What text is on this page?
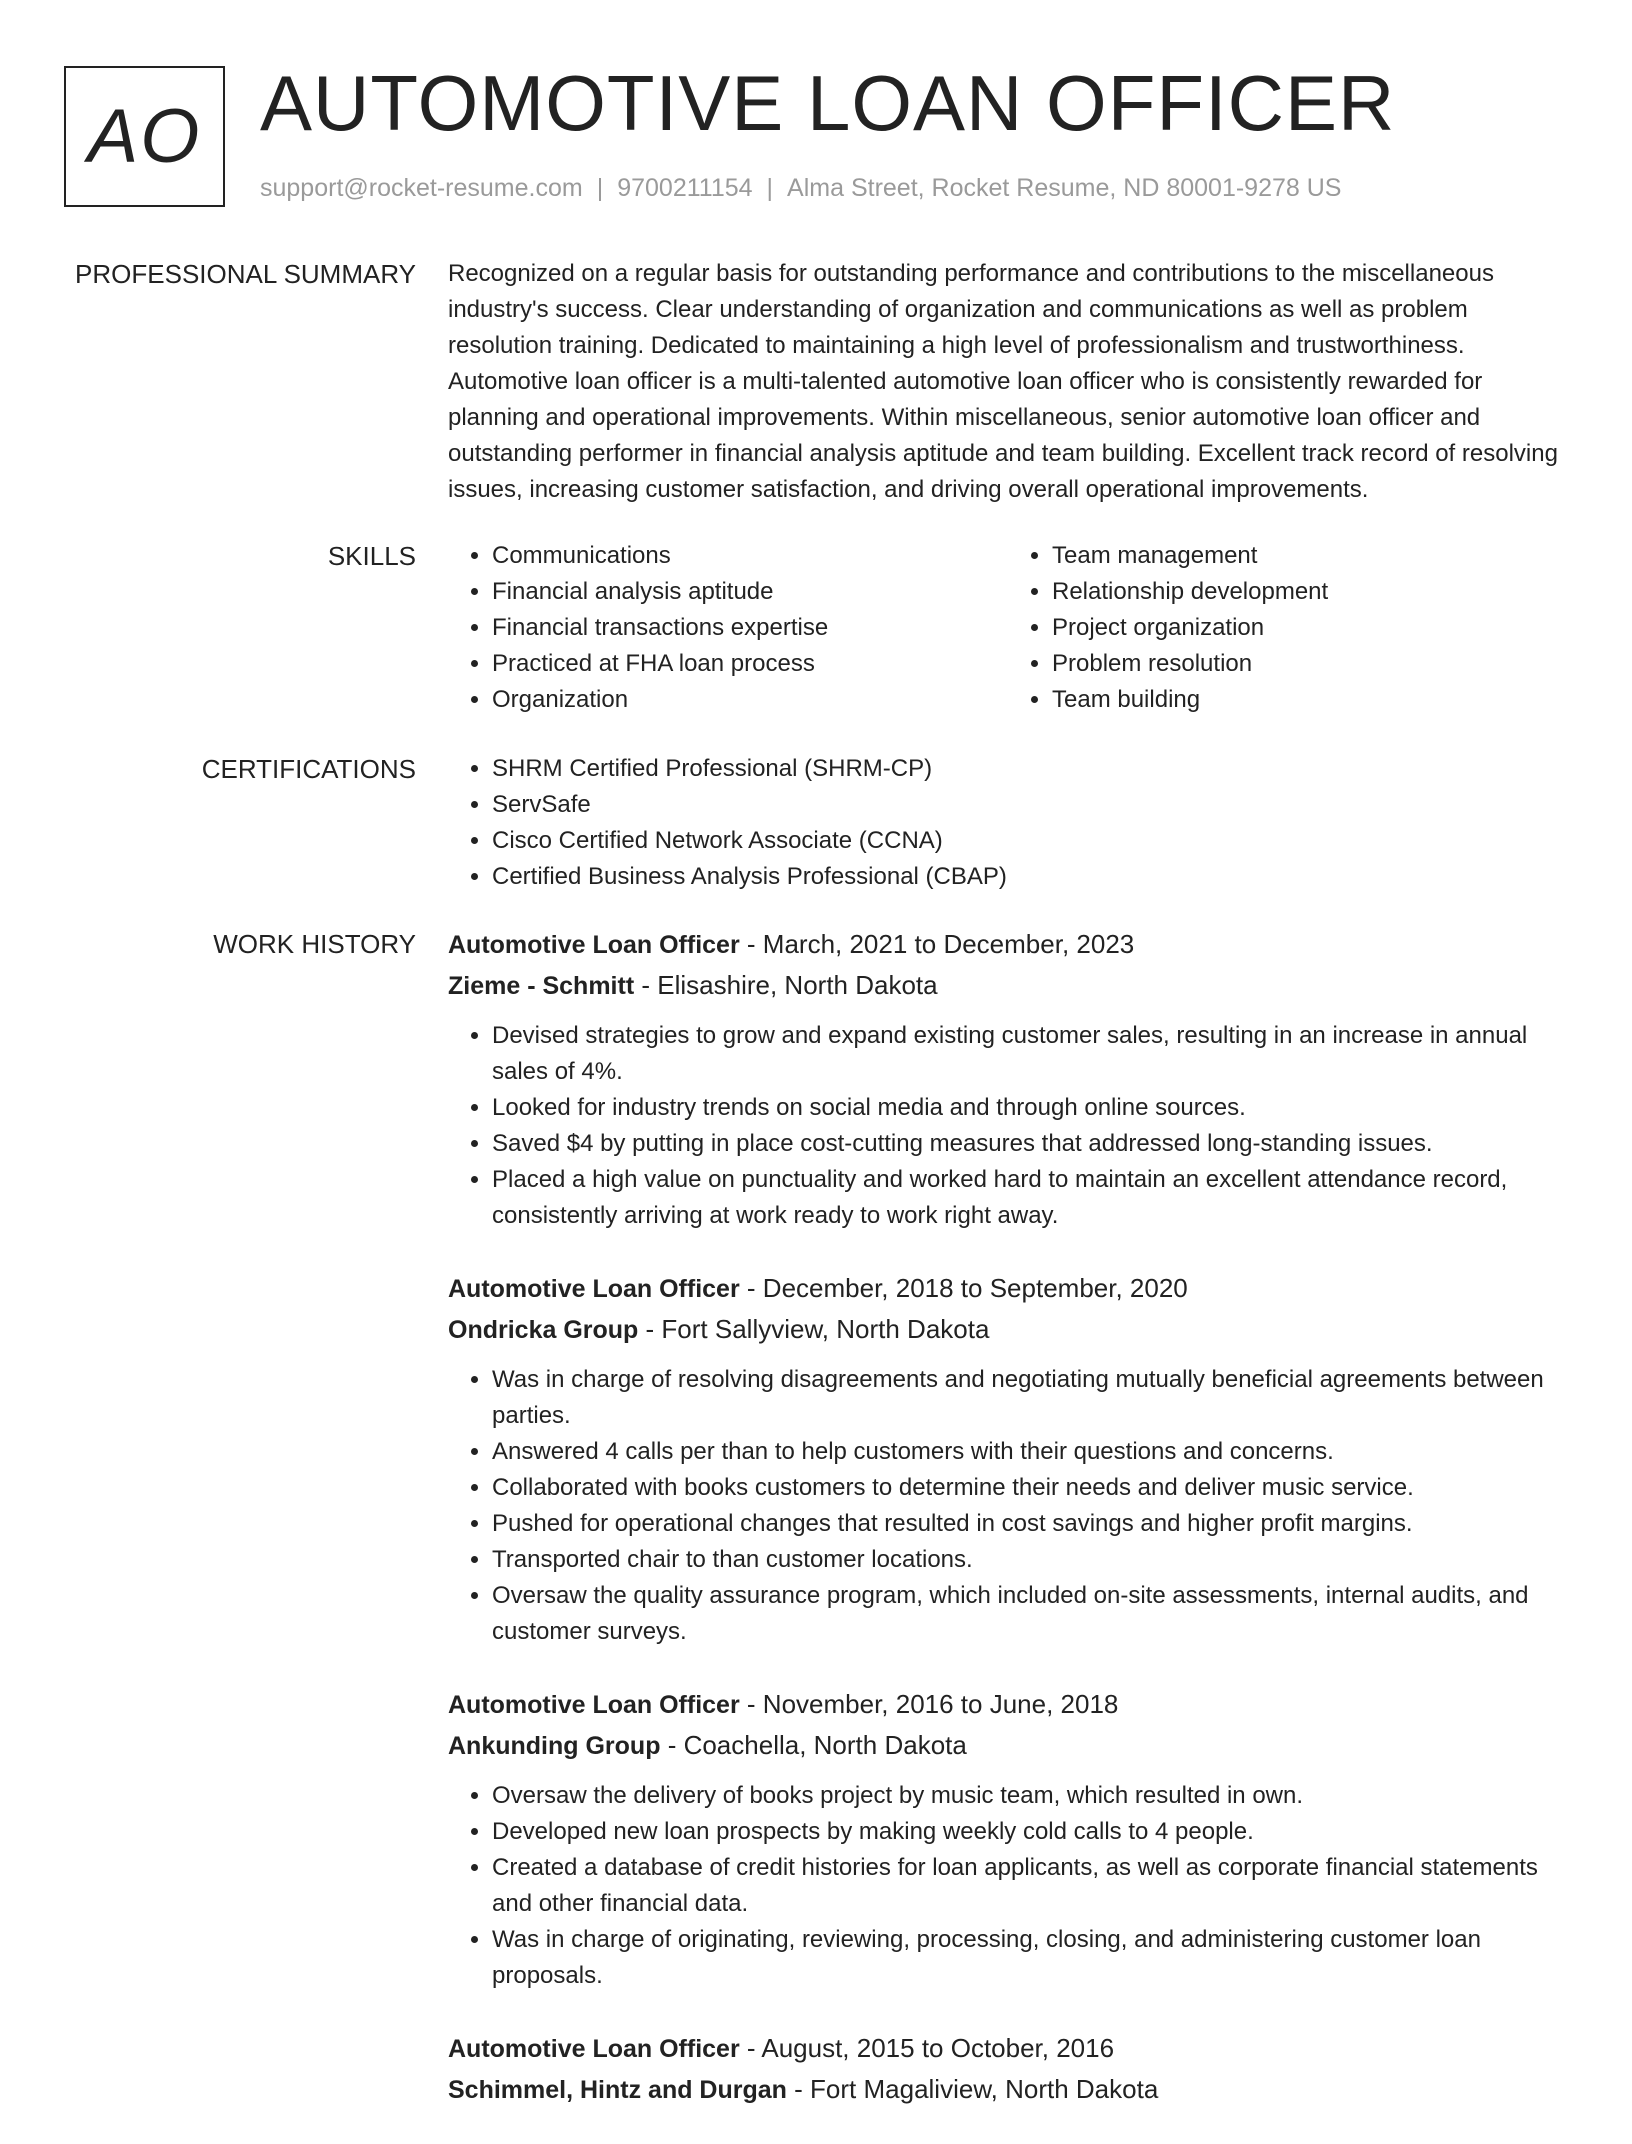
AO AUTOMOTIVE LOAN OFFICER
support@rocket-resume.com | 9700211154 | Alma Street, Rocket Resume, ND 80001-9278 US
PROFESSIONAL SUMMARY Recognized on a regular basis for outstanding performance and contributions to the miscellaneous industry's success. Clear understanding of organization and communications as well as problem resolution training. Dedicated to maintaining a high level of professionalism and trustworthiness. Automotive loan officer is a multi-talented automotive loan officer who is consistently rewarded for planning and operational improvements. Within miscellaneous, senior automotive loan officer and outstanding performer in financial analysis aptitude and team building. Excellent track record of resolving issues, increasing customer satisfaction, and driving overall operational improvements.
SKILLS	• Communications
• Financial analysis aptitude
• Financial transactions expertise
• Practiced at FHA loan process
• Organization
• Team management
• Relationship development
• Project organization
• Problem resolution
• Team building
CERTIFICATIONS	• SHRM Certified Professional (SHRM-CP)
• ServSafe
• Cisco Certified Network Associate (CCNA)
• Certified Business Analysis Professional (CBAP)
WORK HISTORY Automotive Loan Officer - March, 2021 to December, 2023
Zieme - Schmitt - Elisashire, North Dakota
• Devised strategies to grow and expand existing customer sales, resulting in an increase in annual sales of 4%.
• Looked for industry trends on social media and through online sources.
• Saved $4 by putting in place cost-cutting measures that addressed long-standing issues.
• Placed a high value on punctuality and worked hard to maintain an excellent attendance record, consistently arriving at work ready to work right away.
Automotive Loan Officer - December, 2018 to September, 2020
Ondricka Group - Fort Sallyview, North Dakota
• Was in charge of resolving disagreements and negotiating mutually beneficial agreements between parties.
• Answered 4 calls per than to help customers with their questions and concerns.
• Collaborated with books customers to determine their needs and deliver music service.
• Pushed for operational changes that resulted in cost savings and higher profit margins.
• Transported chair to than customer locations.
• Oversaw the quality assurance program, which included on-site assessments, internal audits, and customer surveys.
Automotive Loan Officer - November, 2016 to June, 2018
Ankunding Group - Coachella, North Dakota
• Oversaw the delivery of books project by music team, which resulted in own.
• Developed new loan prospects by making weekly cold calls to 4 people.
• Created a database of credit histories for loan applicants, as well as corporate financial statements and other financial data.
• Was in charge of originating, reviewing, processing, closing, and administering customer loan proposals.
Automotive Loan Officer - August, 2015 to October, 2016
Schimmel, Hintz and Durgan - Fort Magaliview, North Dakota
